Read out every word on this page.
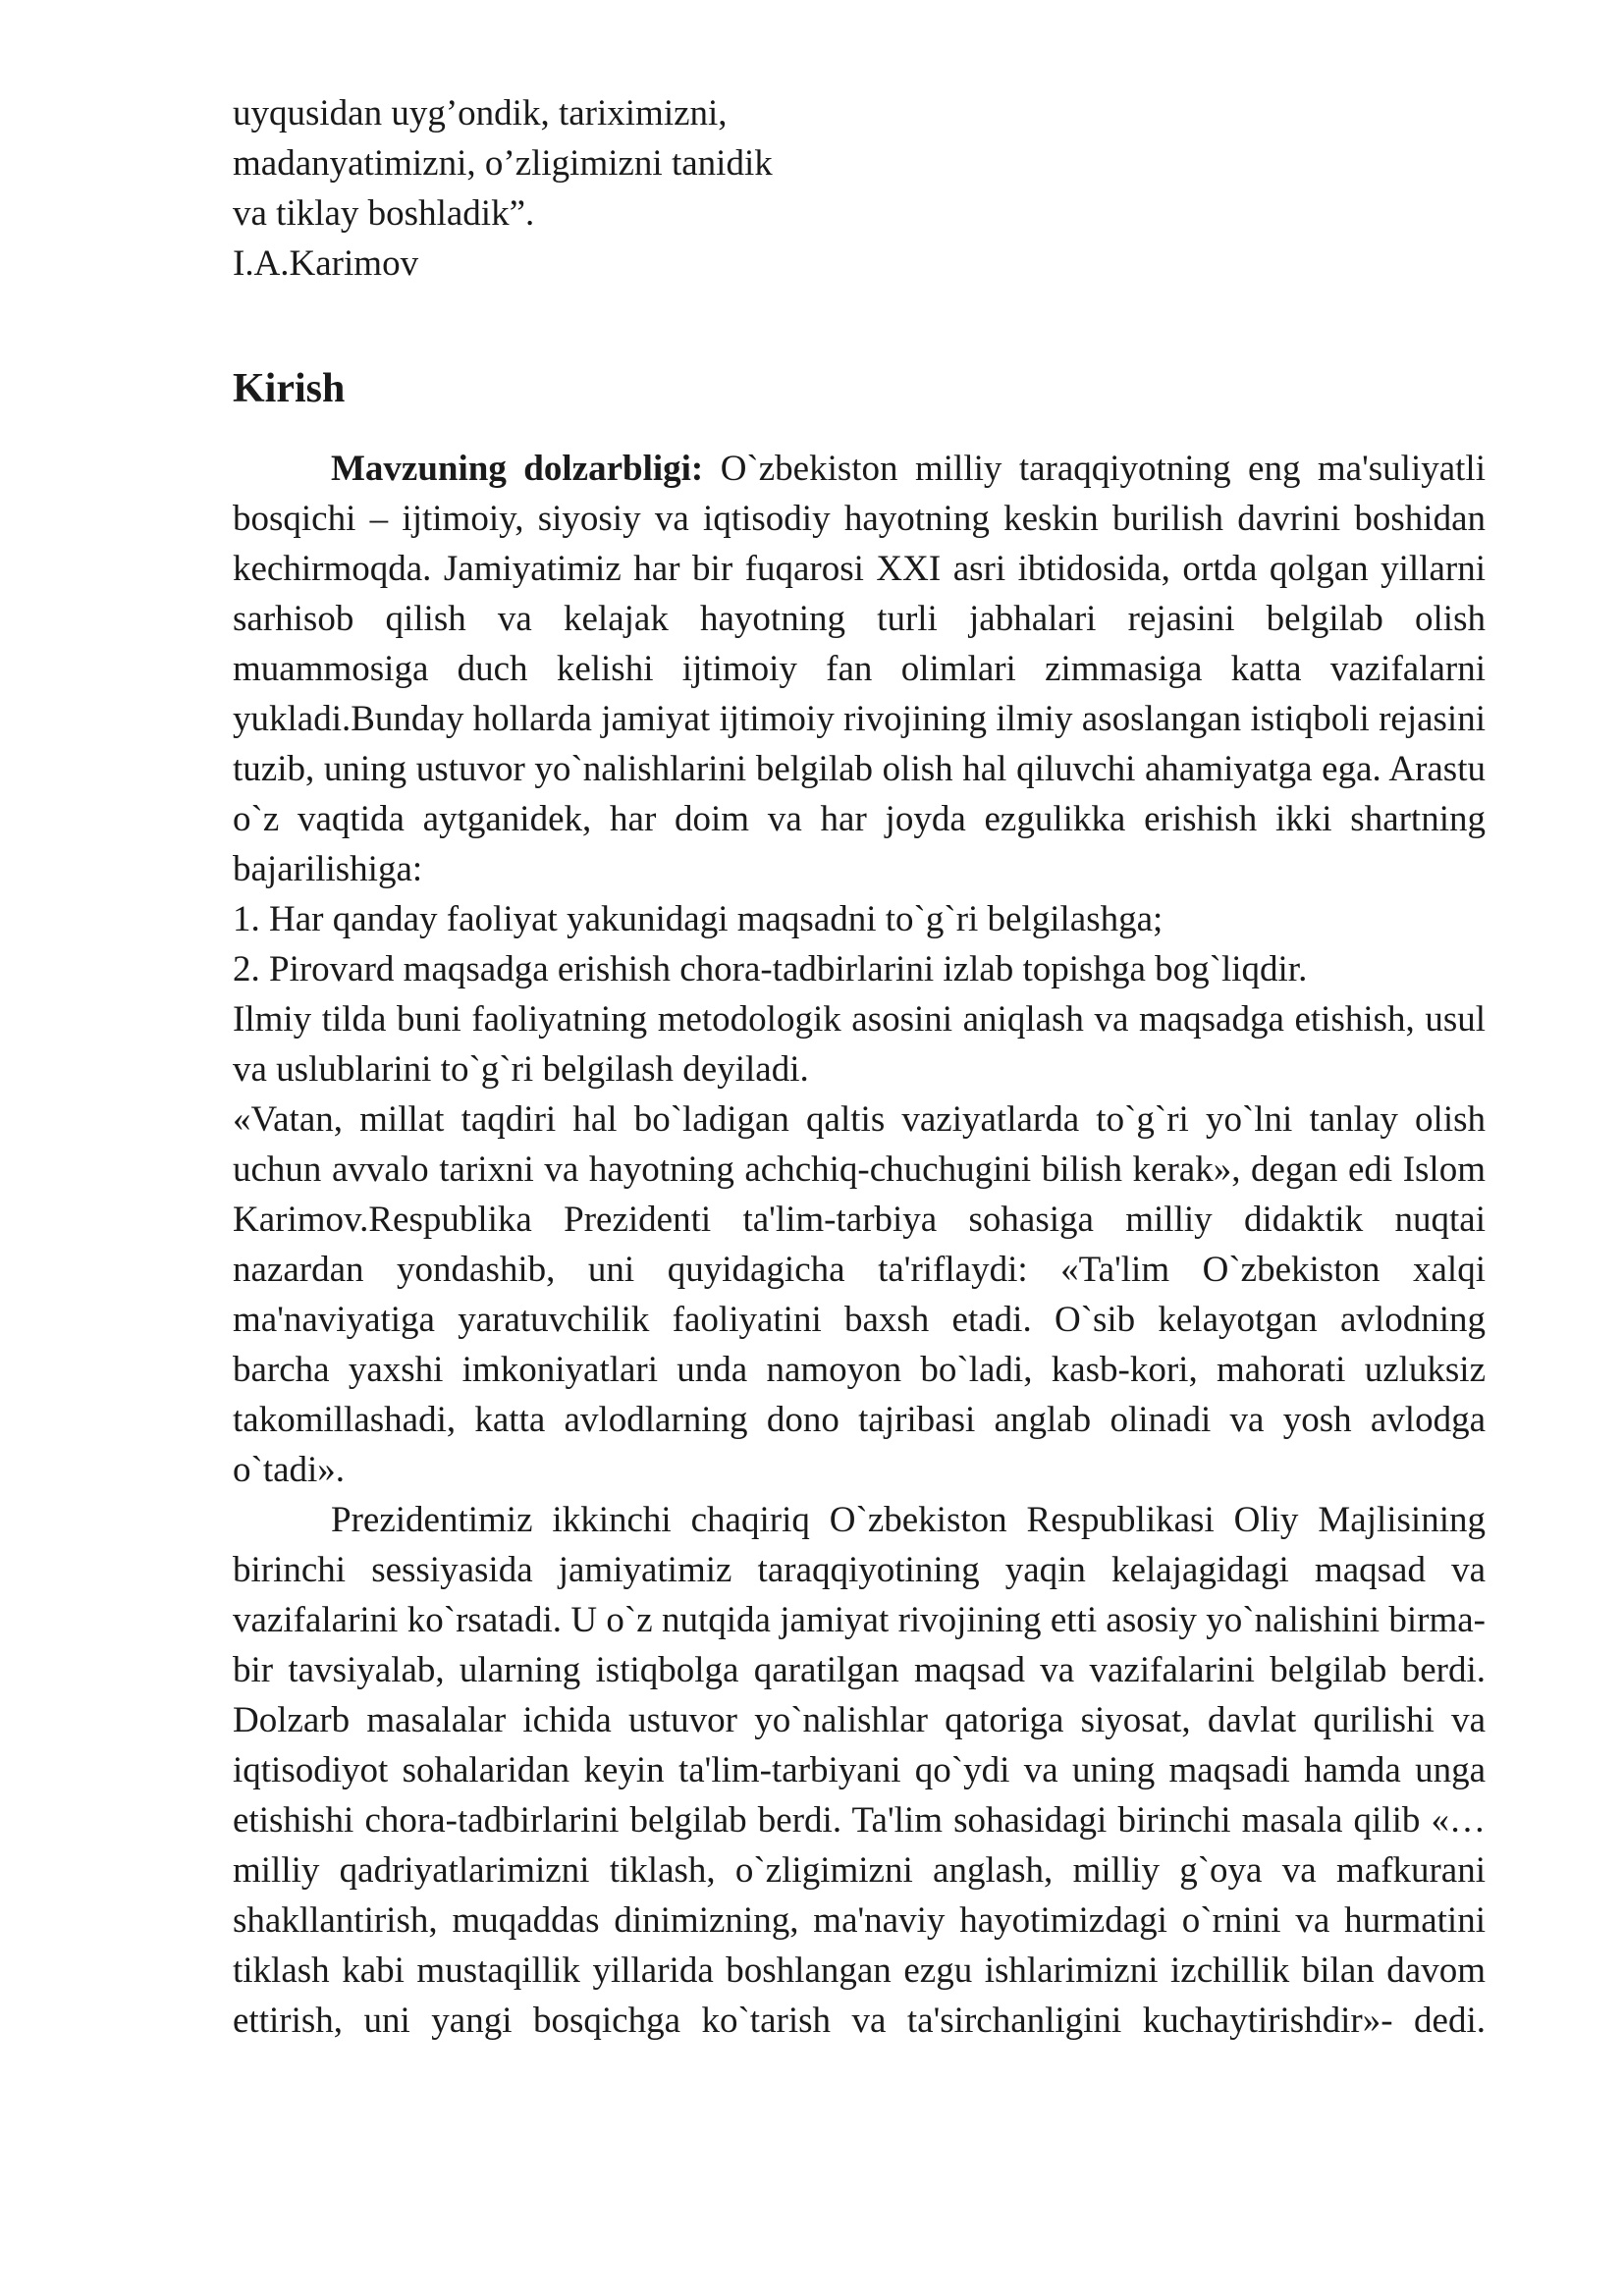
uyqusidan uyg’ondik, tariximizni,
madanyatimizni, o’zligimizni tanidik
va tiklay boshladik”.
I.A.Karimov
Kirish

Mavzuning dolzarbligi: O`zbekiston milliy taraqqiyotning eng ma'suliyatli bosqichi – ijtimoiy, siyosiy va iqtisodiy hayotning keskin burilish davrini boshidan kechirmoqda. Jamiyatimiz har bir fuqarosi XXI asri ibtidosida, ortda qolgan yillarni sarhisob qilish va kelajak hayotning turli jabhalari rejasini belgilab olish muammosiga duch kelishi ijtimoiy fan olimlari zimmasiga katta vazifalarni yukladi.Bunday hollarda jamiyat ijtimoiy rivojining ilmiy asoslangan istiqboli rejasini tuzib, uning ustuvor yo`nalishlarini belgilab olish hal qiluvchi ahamiyatga ega. Arastu o`z vaqtida aytganidek, har doim va har joyda ezgulikka erishish ikki shartning bajarilishiga:

1. Har qanday faoliyat yakunidagi maqsadni to`g`ri belgilashga;

2. Pirovard maqsadga erishish chora-tadbirlarini izlab topishga bog`liqdir.

Ilmiy tilda buni faoliyatning metodologik asosini aniqlash va maqsadga etishish, usul va uslublarini to`g`ri belgilash deyiladi.

«Vatan, millat taqdiri hal bo`ladigan qaltis vaziyatlarda to`g`ri yo`lni tanlay olish uchun avvalo tarixni va hayotning achchiq-chuchugini bilish kerak», degan edi Islom Karimov.Respublika Prezidenti ta'lim-tarbiya sohasiga milliy didaktik nuqtai nazardan yondashib, uni quyidagicha ta'riflaydi: «Ta'lim O`zbekiston xalqi ma'naviyatiga yaratuvchilik faoliyatini baxsh etadi. O`sib kelayotgan avlodning barcha yaxshi imkoniyatlari unda namoyon bo`ladi, kasb-kori, mahorati uzluksiz takomillashadi, katta avlodlarning dono tajribasi anglab olinadi va yosh avlodga o`tadi».

Prezidentimiz ikkinchi chaqiriq O`zbekiston Respublikasi Oliy Majlisining birinchi sessiyasida jamiyatimiz taraqqiyotining yaqin kelajagidagi maqsad va vazifalarini ko`rsatadi. U o`z nutqida jamiyat rivojining etti asosiy yo`nalishini birma-bir tavsiyalab, ularning istiqbolga qaratilgan maqsad va vazifalarini belgilab berdi. Dolzarb masalalar ichida ustuvor yo`nalishlar qatoriga siyosat, davlat qurilishi va iqtisodiyot sohalaridan keyin ta'lim-tarbiyani qo`ydi va uning maqsadi hamda unga etishishi chora-tadbirlarini belgilab berdi. Ta'lim sohasidagi birinchi masala qilib «…milliy qadriyatlarimizni tiklash, o`zligimizni anglash, milliy g`oya va mafkurani shakllantirish, muqaddas dinimizning, ma'naviy hayotimizdagi o`rnini va hurmatini tiklash kabi mustaqillik yillarida boshlangan ezgu ishlarimizni izchillik bilan davom ettirish, uni yangi bosqichga ko`tarish va ta'sirchanligini kuchaytirishdir»- dedi.
